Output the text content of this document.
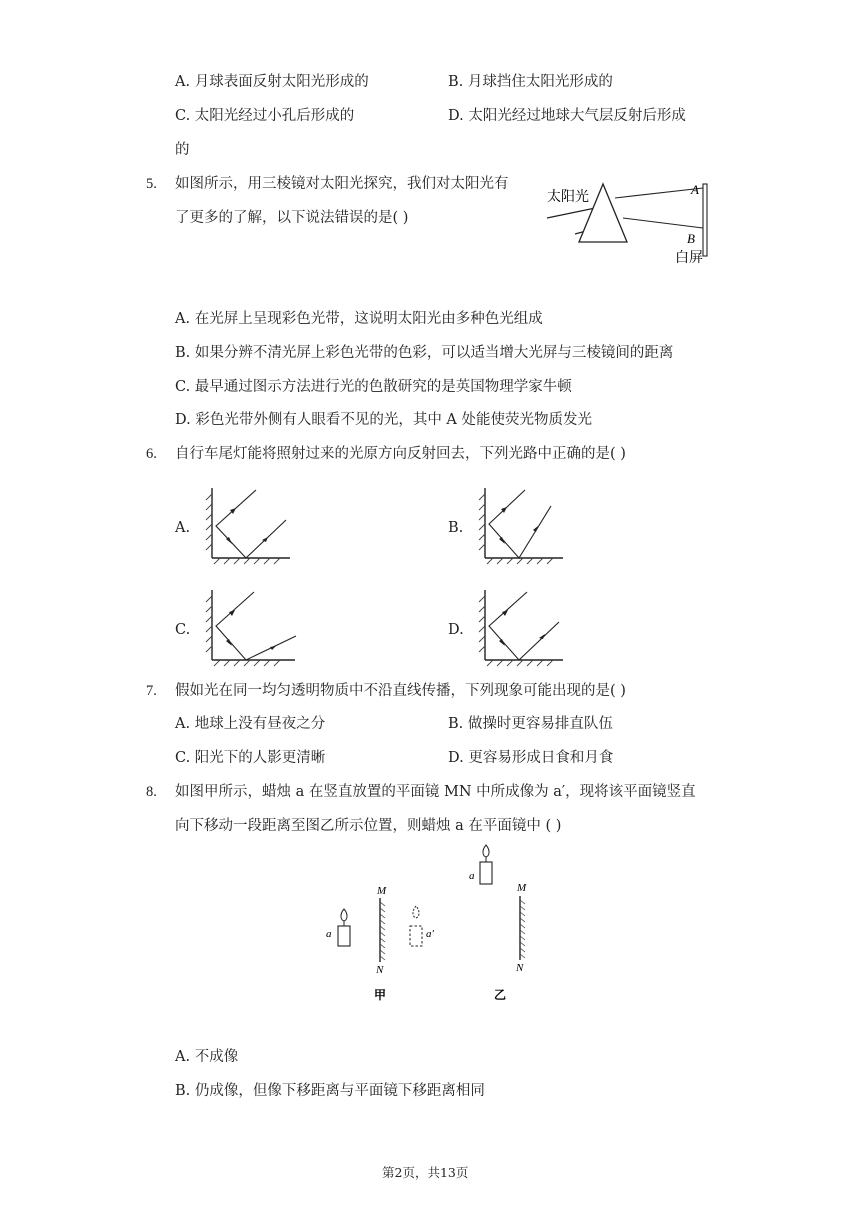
A. 月球表面反射太阳光形成的	B. 月球挡住太阳光形成的
C. 太阳光经过小孔后形成的	D. 太阳光经过地球大气层反射后形成
的
5. 如图所示，用三棱镜对太阳光探究，我们对太阳光有
了更多的了解，以下说法错误的是( )
太阳光
A
B
白屏
A. 在光屏上呈现彩色光带，这说明太阳光由多种色光组成
B. 如果分辨不清光屏上彩色光带的色彩，可以适当增大光屏与三棱镜间的距离
C. 最早通过图示方法进行光的色散研究的是英国物理学家牛顿
D. 彩色光带外侧有人眼看不见的光，其中 A 处能使荧光物质发光
6. 自行车尾灯能将照射过来的光原方向反射回去，下列光路中正确的是( )
A.	B.
C.	D.
7. 假如光在同一均匀透明物质中不沿直线传播，下列现象可能出现的是( )
A. 地球上没有昼夜之分	B. 做操时更容易排直队伍
C. 阳光下的人影更清晰	D. 更容易形成日食和月食
8. 如图甲所示，蜡烛 a 在竖直放置的平面镜 MN 中所成像为 a′，现将该平面镜竖直
向下移动一段距离至图乙所示位置，则蜡烛 a 在平面镜中 ( )
a
M
N
a′
甲
a
M
N
乙
A. 不成像
B. 仍成像，但像下移距离与平面镜下移距离相同
第2页，共13页
